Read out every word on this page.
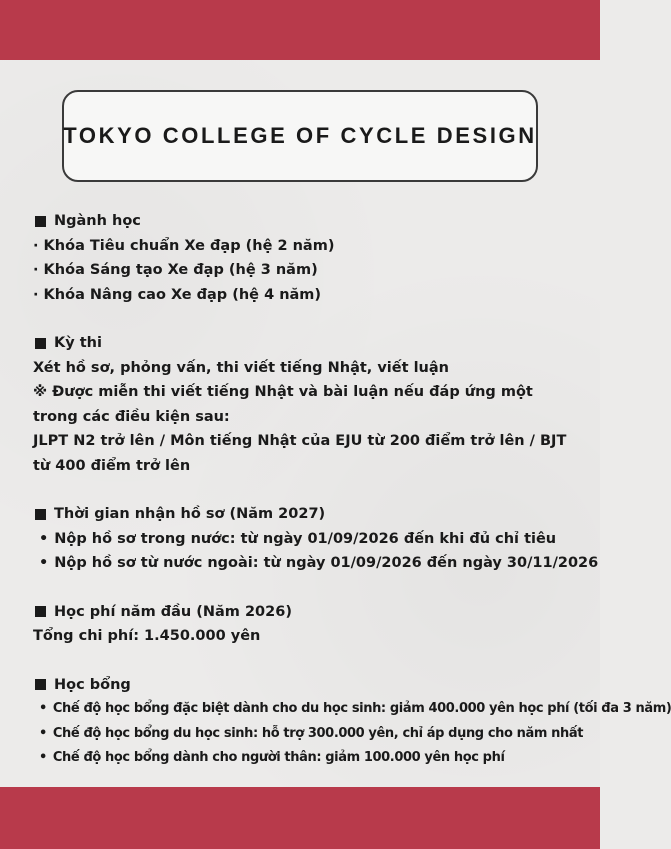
TOKYO COLLEGE OF CYCLE DESIGN
Ngành học
· Khóa Tiêu chuẩn Xe đạp (hệ 2 năm)
· Khóa Sáng tạo Xe đạp (hệ 3 năm)
· Khóa Nâng cao Xe đạp (hệ 4 năm)
Kỳ thi
Xét hồ sơ, phỏng vấn, thi viết tiếng Nhật, viết luận
※ Được miễn thi viết tiếng Nhật và bài luận nếu đáp ứng một trong các điều kiện sau:
JLPT N2 trở lên / Môn tiếng Nhật của EJU từ 200 điểm trở lên / BJT từ 400 điểm trở lên
Thời gian nhận hồ sơ (Năm 2027)
• Nộp hồ sơ trong nước: từ ngày 01/09/2026 đến khi đủ chỉ tiêu
• Nộp hồ sơ từ nước ngoài: từ ngày 01/09/2026 đến ngày 30/11/2026
Học phí năm đầu (Năm 2026)
Tổng chi phí: 1.450.000 yên
Học bổng
• Chế độ học bổng đặc biệt dành cho du học sinh: giảm 400.000 yên học phí (tối đa 3 năm)
• Chế độ học bổng du học sinh: hỗ trợ 300.000 yên, chỉ áp dụng cho năm nhất
• Chế độ học bổng dành cho người thân: giảm 100.000 yên học phí
